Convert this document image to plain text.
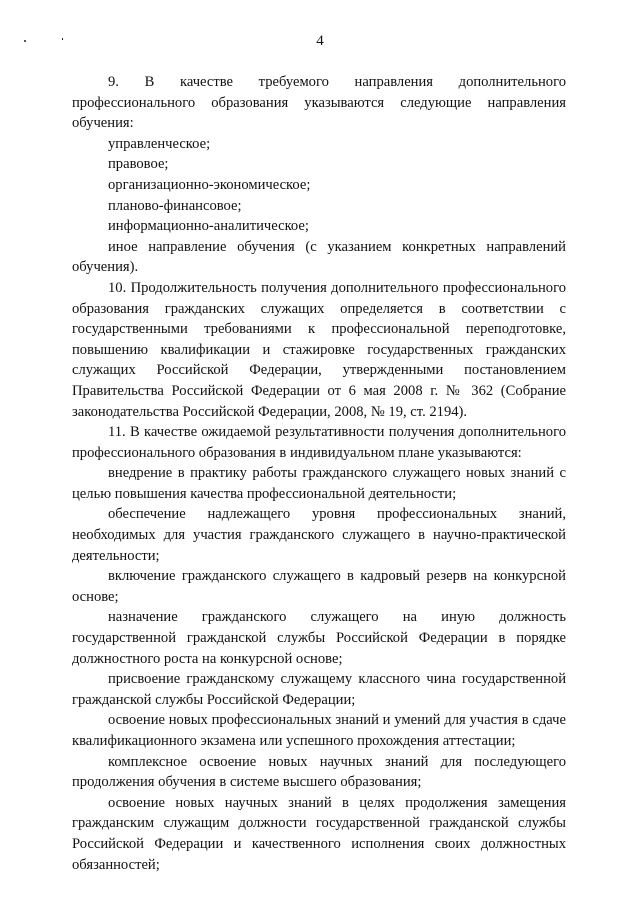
4

9. В качестве требуемого направления дополнительного профессионального образования указываются следующие направления обучения:

управленческое;

правовое;

организационно-экономическое;

планово-финансовое;

информационно-аналитическое;

иное направление обучения (с указанием конкретных направлений обучения).

10. Продолжительность получения дополнительного профессионального образования гражданских служащих определяется в соответствии с государственными требованиями к профессиональной переподготовке, повышению квалификации и стажировке государственных гражданских служащих Российской Федерации, утвержденными постановлением Правительства Российской Федерации от 6 мая 2008 г. № 362 (Собрание законодательства Российской Федерации, 2008, № 19, ст. 2194).

11. В качестве ожидаемой результативности получения дополнительного профессионального образования в индивидуальном плане указываются:

внедрение в практику работы гражданского служащего новых знаний с целью повышения качества профессиональной деятельности;

обеспечение надлежащего уровня профессиональных знаний, необходимых для участия гражданского служащего в научно-практической деятельности;

включение гражданского служащего в кадровый резерв на конкурсной основе;

назначение гражданского служащего на иную должность государственной гражданской службы Российской Федерации в порядке должностного роста на конкурсной основе;

присвоение гражданскому служащему классного чина государственной гражданской службы Российской Федерации;

освоение новых профессиональных знаний и умений для участия в сдаче квалификационного экзамена или успешного прохождения аттестации;

комплексное освоение новых научных знаний для последующего продолжения обучения в системе высшего образования;

освоение новых научных знаний в целях продолжения замещения гражданским служащим должности государственной гражданской службы Российской Федерации и качественного исполнения своих должностных обязанностей;
